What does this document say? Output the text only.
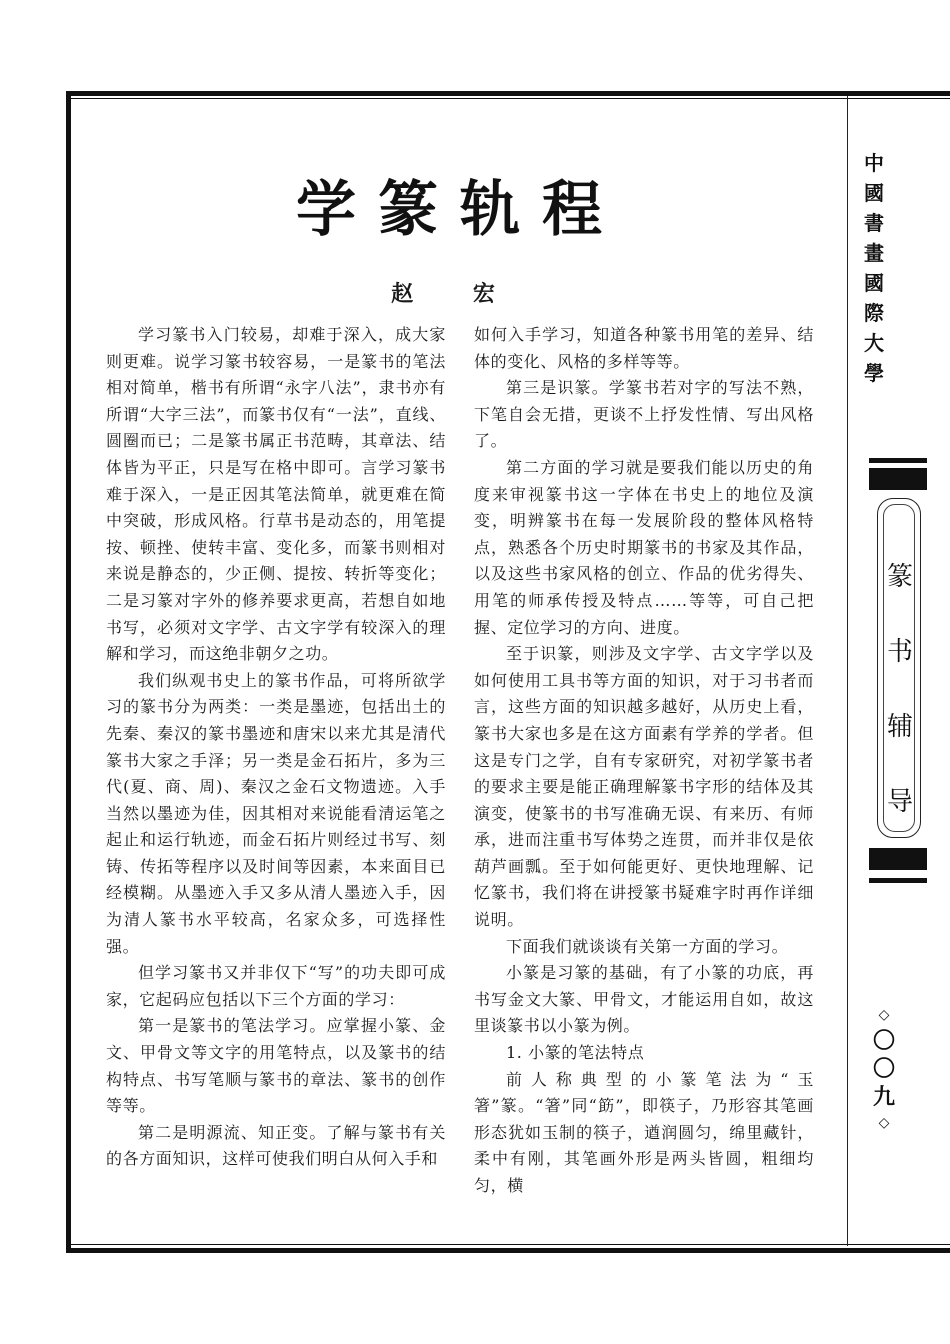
学篆轨程
赵 宏

学习篆书入门较易，却难于深入，成大家则更难。说学习篆书较容易，一是篆书的笔法相对简单，楷书有所谓“永字八法”，隶书亦有所谓“大字三法”，而篆书仅有“一法”，直线、圆圈而已；二是篆书属正书范畴，其章法、结体皆为平正，只是写在格中即可。言学习篆书难于深入，一是正因其笔法简单，就更难在简中突破，形成风格。行草书是动态的，用笔提按、顿挫、使转丰富、变化多，而篆书则相对来说是静态的，少正侧、提按、转折等变化；二是习篆对字外的修养要求更高，若想自如地书写，必须对文字学、古文字学有较深入的理解和学习，而这绝非朝夕之功。

我们纵观书史上的篆书作品，可将所欲学习的篆书分为两类：一类是墨迹，包括出土的先秦、秦汉的篆书墨迹和唐宋以来尤其是清代篆书大家之手泽；另一类是金石拓片，多为三代(夏、商、周)、秦汉之金石文物遗迹。入手当然以墨迹为佳，因其相对来说能看清运笔之起止和运行轨迹，而金石拓片则经过书写、刻铸、传拓等程序以及时间等因素，本来面目已经模糊。从墨迹入手又多从清人墨迹入手，因为清人篆书水平较高，名家众多，可选择性强。

但学习篆书又并非仅下“写”的功夫即可成家，它起码应包括以下三个方面的学习：

第一是篆书的笔法学习。应掌握小篆、金文、甲骨文等文字的用笔特点，以及篆书的结构特点、书写笔顺与篆书的章法、篆书的创作等等。

第二是明源流、知正变。了解与篆书有关的各方面知识，这样可使我们明白从何入手和

如何入手学习，知道各种篆书用笔的差异、结体的变化、风格的多样等等。

第三是识篆。学篆书若对字的写法不熟，下笔自会无措，更谈不上抒发性情、写出风格了。

第二方面的学习就是要我们能以历史的角度来审视篆书这一字体在书史上的地位及演变，明辨篆书在每一发展阶段的整体风格特点，熟悉各个历史时期篆书的书家及其作品，以及这些书家风格的创立、作品的优劣得失、用笔的师承传授及特点……等等，可自己把握、定位学习的方向、进度。

至于识篆，则涉及文字学、古文字学以及如何使用工具书等方面的知识，对于习书者而言，这些方面的知识越多越好，从历史上看，篆书大家也多是在这方面素有学养的学者。但这是专门之学，自有专家研究，对初学篆书者的要求主要是能正确理解篆书字形的结体及其演变，使篆书的书写准确无误、有来历、有师承，进而注重书写体势之连贯，而并非仅是依葫芦画瓢。至于如何能更好、更快地理解、记忆篆书，我们将在讲授篆书疑难字时再作详细说明。

下面我们就谈谈有关第一方面的学习。

小篆是习篆的基础，有了小篆的功底，再书写金文大篆、甲骨文，才能运用自如，故这里谈篆书以小篆为例。

1. 小篆的笔法特点

前人称典型的小篆笔法为“玉箸”篆。“箸”同“筯”，即筷子，乃形容其笔画形态犹如玉制的筷子，遒润圆匀，绵里藏针，柔中有刚，其笔画外形是两头皆圆，粗细均匀，横

中國書畫國際大學
篆书辅导
◇
〇〇九
◇
